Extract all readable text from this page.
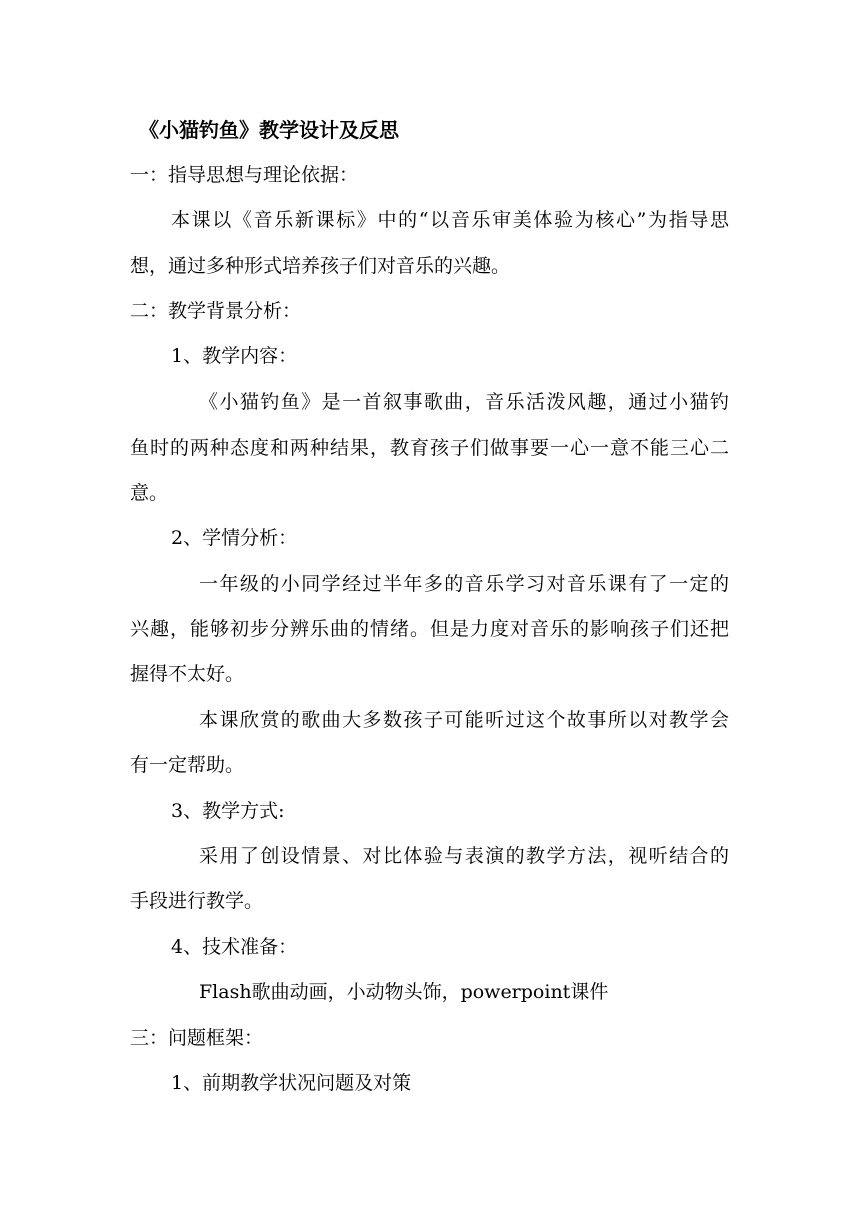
《小猫钓鱼》教学设计及反思
一：指导思想与理论依据：
本课以《音乐新课标》中的“以音乐审美体验为核心”为指导思
想，通过多种形式培养孩子们对音乐的兴趣。
二：教学背景分析：
1、教学内容：
《小猫钓鱼》是一首叙事歌曲，音乐活泼风趣，通过小猫钓
鱼时的两种态度和两种结果，教育孩子们做事要一心一意不能三心二
意。
2、学情分析：
一年级的小同学经过半年多的音乐学习对音乐课有了一定的
兴趣，能够初步分辨乐曲的情绪。但是力度对音乐的影响孩子们还把
握得不太好。
本课欣赏的歌曲大多数孩子可能听过这个故事所以对教学会
有一定帮助。
3、教学方式:
采用了创设情景、对比体验与表演的教学方法，视听结合的
手段进行教学。
4、技术准备：
Flash歌曲动画，小动物头饰，powerpoint课件
三：问题框架：
1、前期教学状况问题及对策
